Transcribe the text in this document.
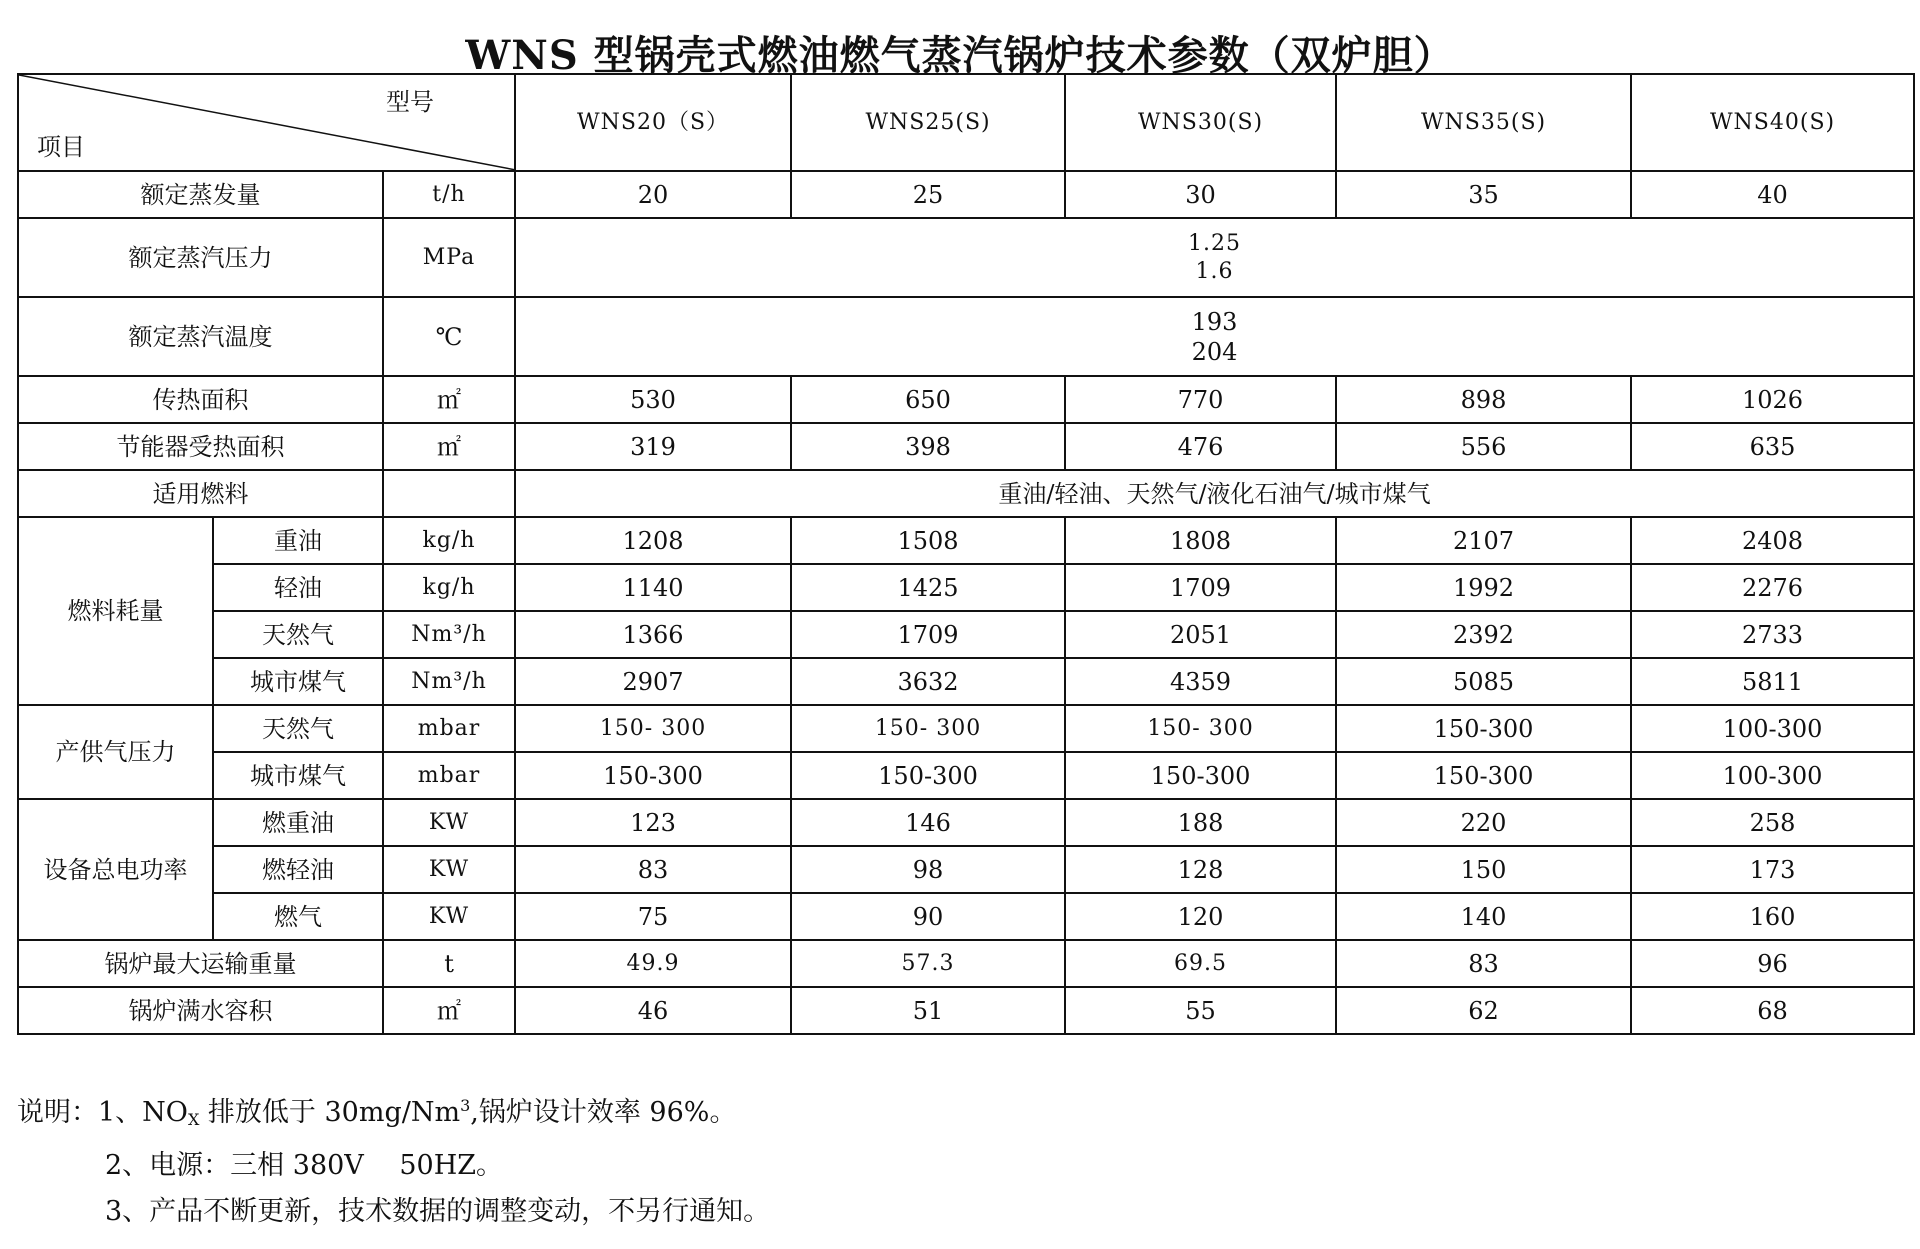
WNS 型锅壳式燃油燃气蒸汽锅炉技术参数（双炉胆）
型号
项目			WNS20（S）	WNS25(S)	WNS30(S)	WNS35(S)	WNS40(S)
额定蒸发量		t/h	20	25	30	35	40
额定蒸汽压力		MPa	1.25
1.6				

额定蒸汽温度		℃	193
204				

传热面积		㎡	530	650	770	898	1026
节能器受热面积		㎡	319	398	476	556	635
适用燃料			重油/轻油、天然气/液化石油气/城市煤气				
燃料耗量	重油	kg/h	1208	1508	1808	2107	2408
	轻油	kg/h	1140	1425	1709	1992	2276
	天然气	Nm³/h	1366	1709	2051	2392	2733
	城市煤气	Nm³/h	2907	3632	4359	5085	5811
产供气压力	天然气	mbar	150- 300	150- 300	150- 300	150-300	100-300
	城市煤气	mbar	150-300	150-300	150-300	150-300	100-300
设备总电功率	燃重油	KW	123	146	188	220	258
	燃轻油	KW	83	98	128	150	173
	燃气	KW	75	90	120	140	160
锅炉最大运输重量		t	49.9	57.3	69.5	83	96
锅炉满水容积		㎡	46	51	55	62	68
说明：1、$NO_X$ 排放低于 30mg/Nm$^3$,锅炉设计效率 96%。
2、电源：三相 380V　 50HZ。
3、产品不断更新，技术数据的调整变动，不另行通知。
